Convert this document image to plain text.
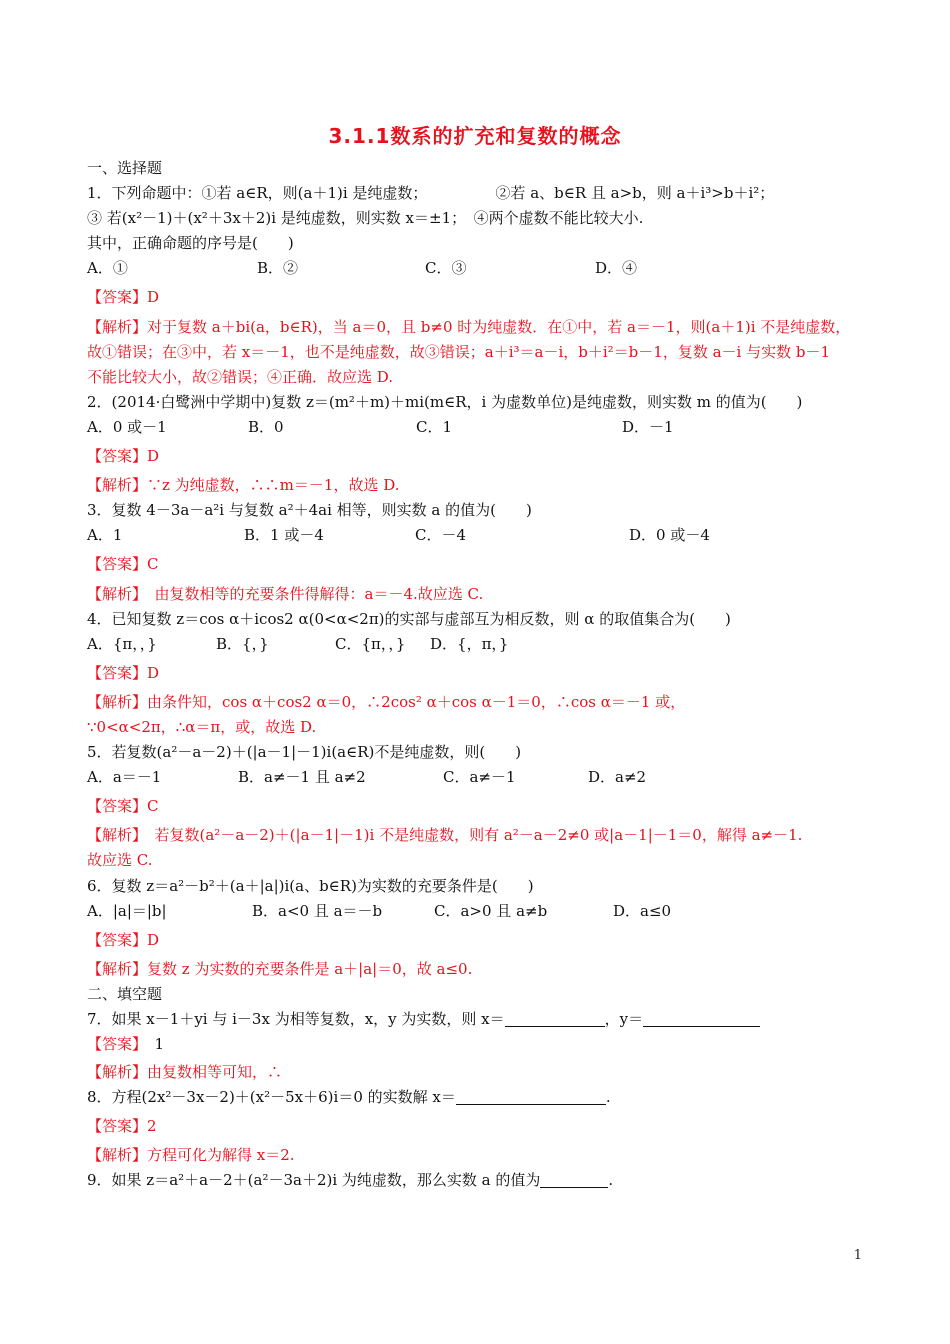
3.1.1数系的扩充和复数的概念
一、选择题
1．下列命题中：①若 a∈R，则(a＋1)i 是纯虚数；	②若 a、b∈R 且 a>b，则 a＋i³>b＋i²；
③ 若(x²－1)＋(x²＋3x＋2)i 是纯虚数，则实数 x＝±1；　④两个虚数不能比较大小.
其中，正确命题的序号是(　　)
A．①	B．②	C．③	D．④
【答案】D
【解析】对于复数 a＋bi(a，b∈R)，当 a＝0，且 b≠0 时为纯虚数．在①中，若 a＝－1，则(a＋1)i 不是纯虚数，
故①错误；在③中，若 x＝－1，也不是纯虚数，故③错误；a＋i³＝a－i，b＋i²＝b－1，复数 a－i 与实数 b－1
不能比较大小，故②错误；④正确．故应选 D.
2．(2014·白鹭洲中学期中)复数 z＝(m²＋m)＋mi(m∈R，i 为虚数单位)是纯虚数，则实数 m 的值为(　　)
A．0 或－1	B．0	C．1	D．－1
【答案】D
【解析】∵z 为纯虚数，∴∴m＝－1，故选 D.
3．复数 4－3a－a²i 与复数 a²＋4ai 相等，则实数 a 的值为(　　)
A．1	B．1 或－4	C．－4	D．0 或－4
【答案】C
【解析】　由复数相等的充要条件得解得：a＝－4.故应选 C.
4．已知复数 z＝cos α＋icos2 α(0<α<2π)的实部与虚部互为相反数，则 α 的取值集合为(　　)
A．{π，，}	B．{，}	C．{π，，} D．{，π，}
【答案】D
【解析】由条件知，cos α＋cos2 α＝0，∴2cos² α＋cos α－1＝0，∴cos α＝－1 或，
∵0<α<2π，∴α＝π，或，故选 D.
5．若复数(a²－a－2)＋(|a－1|－1)i(a∈R)不是纯虚数，则(　　)
A．a＝－1	B．a≠－1 且 a≠2	C．a≠－1	D．a≠2
【答案】C
【解析】　若复数(a²－a－2)＋(|a－1|－1)i 不是纯虚数，则有 a²－a－2≠0 或|a－1|－1＝0，解得 a≠－1.
故应选 C.
6．复数 z＝a²－b²＋(a＋|a|)i(a、b∈R)为实数的充要条件是(　　)
A．|a|＝|b|	B．a<0 且 a＝－b	C．a>0 且 a≠b	D．a≤0
【答案】D
【解析】复数 z 为实数的充要条件是 a＋|a|＝0，故 a≤0.
二、填空题
7．如果 x－1＋yi 与 i－3x 为相等复数，x，y 为实数，则 x＝	，y＝
【答案】　1
【解析】由复数相等可知，∴
8．方程(2x²－3x－2)＋(x²－5x＋6)i＝0 的实数解 x＝	.
【答案】2
【解析】方程可化为解得 x＝2.
9．如果 z＝a²＋a－2＋(a²－3a＋2)i 为纯虚数，那么实数 a 的值为	.
1
